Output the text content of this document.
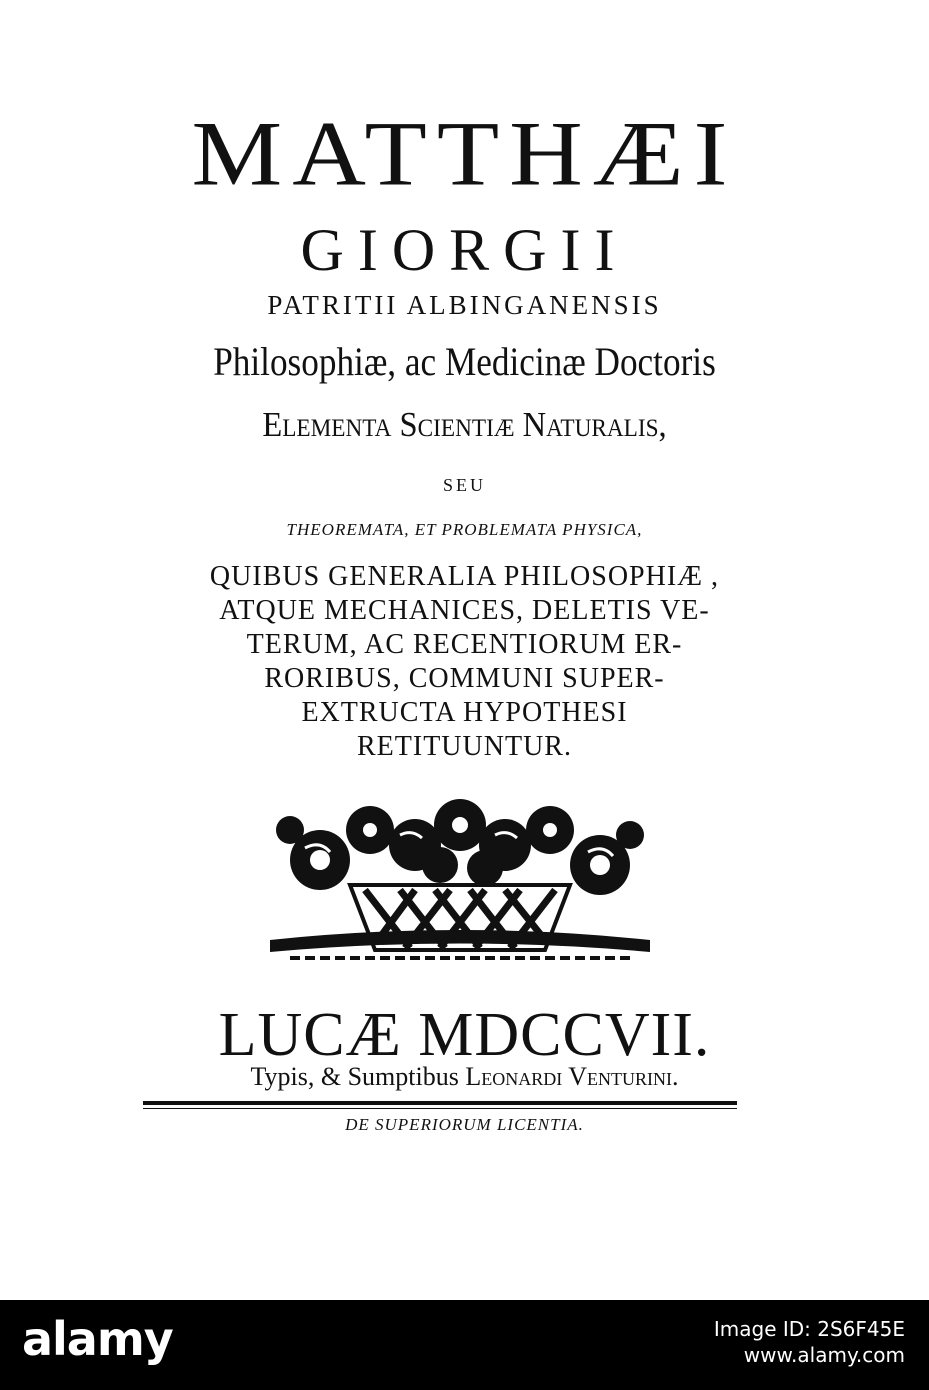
MATTHÆI
GIORGII
PATRITII ALBINGANENSIS
Philosophiæ, ac Medicinæ Doctoris
Elementa Scientiæ Naturalis,
SEU
THEOREMATA, ET PROBLEMATA PHYSICA,
QUIBUS GENERALIA PHILOSOPHIÆ ,
ATQUE MECHANICES, DELETIS VE-
TERUM, AC RECENTIORUM ER-
RORIBUS, COMMUNI SUPER-
EXTRUCTA HYPOTHESI
RETITUUNTUR.
LUCÆ MDCCVII.
Typis, & Sumptibus Leonardi Venturini.
DE SUPERIORUM LICENTIA.
alamy	Image ID: 2S6F45E
www.alamy.com
